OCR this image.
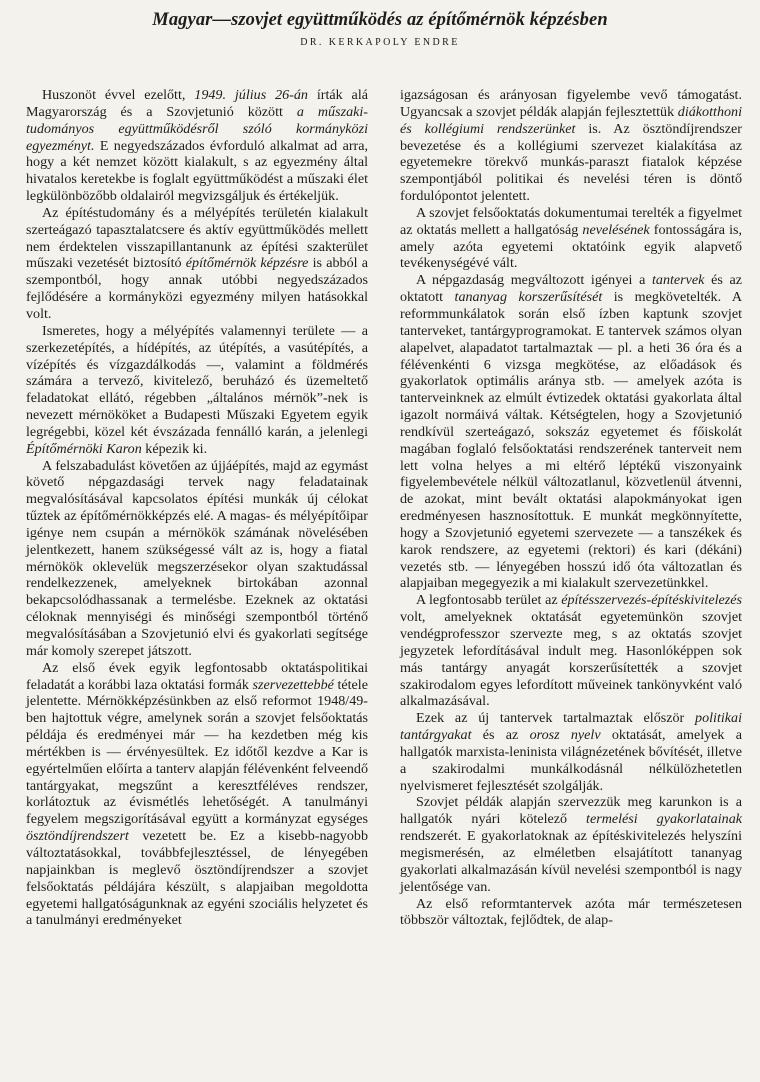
Magyar—szovjet együttműködés az építőmérnök képzésben
DR. KERKAPOLY ENDRE

Huszonöt évvel ezelőtt, 1949. július 26-án írták alá Magyarország és a Szovjetunió között a műszaki-tudományos együttműködésről szóló kormányközi egyezményt. E negyedszázados évforduló alkalmat ad arra, hogy a két nemzet között kialakult, s az egyezmény által hivatalos keretekbe is foglalt együttműködést a műszaki élet legkülönbözőbb oldalairól megvizsgáljuk és értékeljük.

Az építéstudomány és a mélyépítés területén kialakult szerteágazó tapasztalatcsere és aktív együttműködés mellett nem érdektelen visszapillantanunk az építési szakterület műszaki vezetését biztosító építőmérnök képzésre is abból a szempontból, hogy annak utóbbi negyedszázados fejlődésére a kormányközi egyezmény milyen hatásokkal volt.

Ismeretes, hogy a mélyépítés valamennyi területe — a szerkezetépítés, a hídépítés, az útépítés, a vasútépítés, a vízépítés és vízgazdálkodás —, valamint a földmérés számára a tervező, kivitelező, beruházó és üzemeltető feladatokat ellátó, régebben „általános mérnök”-nek is nevezett mérnököket a Budapesti Műszaki Egyetem egyik legrégebbi, közel két évszázada fennálló karán, a jelenlegi Építőmérnöki Karon képezik ki.

A felszabadulást követően az újjáépítés, majd az egymást követő népgazdasági tervek nagy feladatainak megvalósításával kapcsolatos építési munkák új célokat tűztek az építőmérnökképzés elé. A magas- és mélyépítőipar igénye nem csupán a mérnökök számának növelésében jelentkezett, hanem szükségessé vált az is, hogy a fiatal mérnökök oklevelük megszerzésekor olyan szaktudással rendelkezzenek, amelyeknek birtokában azonnal bekapcsolódhassanak a termelésbe. Ezeknek az oktatási céloknak mennyiségi és minőségi szempontból történő megvalósításában a Szovjetunió elvi és gyakorlati segítsége már komoly szerepet játszott.

Az első évek egyik legfontosabb oktatáspolitikai feladatát a korábbi laza oktatási formák szervezettebbé tétele jelentette. Mérnökképzésünkben az első reformot 1948/49-ben hajtottuk végre, amelynek során a szovjet felsőoktatás példája és eredményei már — ha kezdetben még kis mértékben is — érvényesültek. Ez időtől kezdve a Kar is egyértelműen előírta a tanterv alapján félévenként felveendő tantárgyakat, megszűnt a keresztféléves rendszer, korlátoztuk az évismétlés lehetőségét. A tanulmányi fegyelem megszigorításával együtt a kormányzat egységes ösztöndíjrendszert vezetett be. Ez a kisebb-nagyobb változtatásokkal, továbbfejlesztéssel, de lényegében napjainkban is meglevő ösztöndíjrendszer a szovjet felsőoktatás példájára készült, s alapjaiban megoldotta egyetemi hallgatóságunknak az egyéni szociális helyzetet és a tanulmányi eredményeket

igazságosan és arányosan figyelembe vevő támogatást. Ugyancsak a szovjet példák alapján fejlesztettük diákotthoni és kollégiumi rendszerünket is. Az ösztöndíjrendszer bevezetése és a kollégiumi szervezet kialakítása az egyetemekre törekvő munkás-paraszt fiatalok képzése szempontjából politikai és nevelési téren is döntő fordulópontot jelentett.

A szovjet felsőoktatás dokumentumai terelték a figyelmet az oktatás mellett a hallgatóság nevelésének fontosságára is, amely azóta egyetemi oktatóink egyik alapvető tevékenységévé vált.

A népgazdaság megváltozott igényei a tantervek és az oktatott tananyag korszerűsítését is megkövetelték. A reformmunkálatok során első ízben kaptunk szovjet tanterveket, tantárgyprogramokat. E tantervek számos olyan alapelvet, alapadatot tartalmaztak — pl. a heti 36 óra és a félévenkénti 6 vizsga megkötése, az előadások és gyakorlatok optimális aránya stb. — amelyek azóta is tanterveinknek az elmúlt évtizedek oktatási gyakorlata által igazolt normáivá váltak. Kétségtelen, hogy a Szovjetunió rendkívül szerteágazó, sokszáz egyetemet és főiskolát magában foglaló felsőoktatási rendszerének tanterveit nem lett volna helyes a mi eltérő léptékű viszonyaink figyelembevétele nélkül változatlanul, közvetlenül átvenni, de azokat, mint bevált oktatási alapokmányokat igen eredményesen hasznosítottuk. E munkát megkönnyítette, hogy a Szovjetunió egyetemi szervezete — a tanszékek és karok rendszere, az egyetemi (rektori) és kari (dékáni) vezetés stb. — lényegében hosszú idő óta változatlan és alapjaiban megegyezik a mi kialakult szervezetünkkel.

A legfontosabb terület az építésszervezés-építéskivitelezés volt, amelyeknek oktatását egyetemünkön szovjet vendégprofesszor szervezte meg, s az oktatás szovjet jegyzetek lefordításával indult meg. Hasonlóképpen sok más tantárgy anyagát korszerűsítették a szovjet szakirodalom egyes lefordított műveinek tankönyvként való alkalmazásával.

Ezek az új tantervek tartalmaztak először politikai tantárgyakat és az orosz nyelv oktatását, amelyek a hallgatók marxista-leninista világnézetének bővítését, illetve a szakirodalmi munkálkodásnál nélkülözhetetlen nyelvismeret fejlesztését szolgálják.

Szovjet példák alapján szervezzük meg karunkon is a hallgatók nyári kötelező termelési gyakorlatainak rendszerét. E gyakorlatoknak az építéskivitelezés helyszíni megismerésén, az elméletben elsajátított tananyag gyakorlati alkalmazásán kívül nevelési szempontból is nagy jelentősége van.

Az első reformtantervek azóta már természetesen többször változtak, fejlődtek, de alap-
